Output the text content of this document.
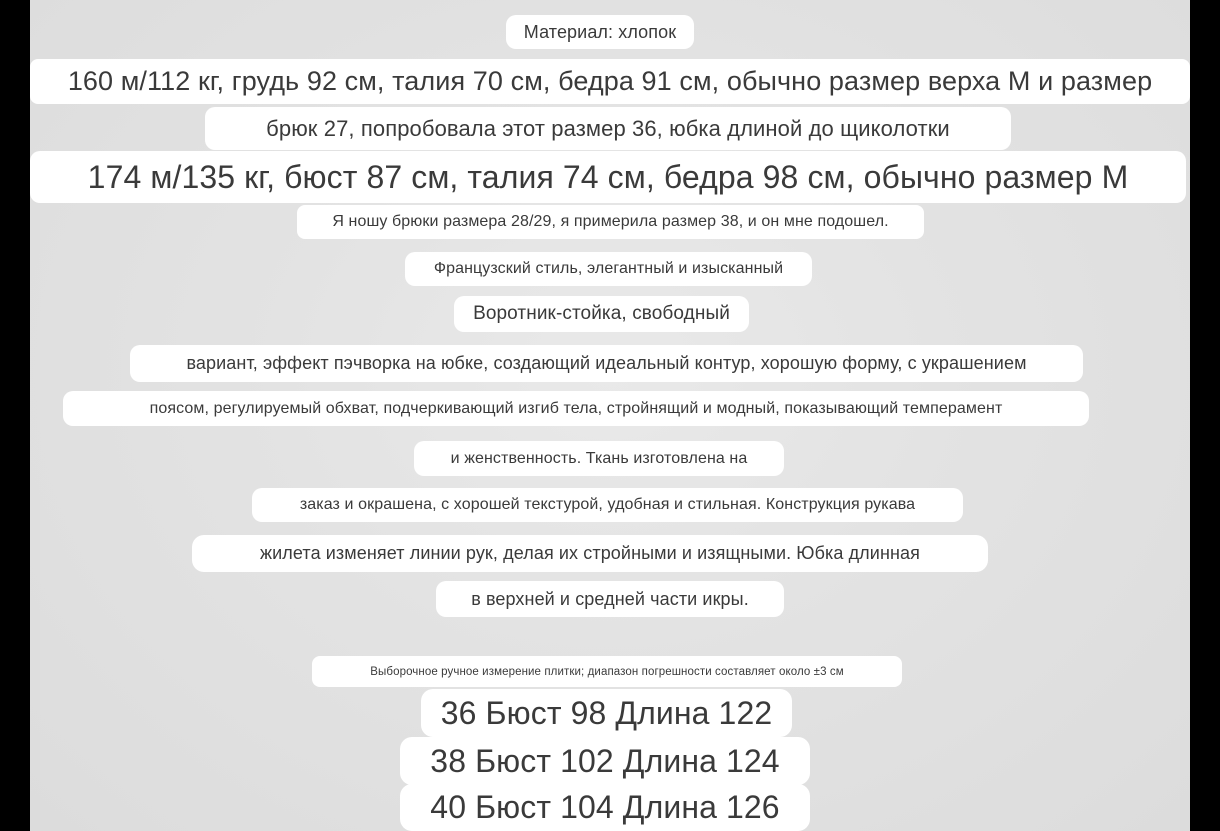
Материал: хлопок
160 м/112 кг, грудь 92 см, талия 70 см, бедра 91 см, обычно размер верха M и размер
брюк 27, попробовала этот размер 36, юбка длиной до щиколотки
174 м/135 кг, бюст 87 см, талия 74 см, бедра 98 см, обычно размер M
Я ношу брюки размера 28/29, я примерила размер 38, и он мне подошел.
Французский стиль, элегантный и изысканный
Воротник-стойка, свободный
вариант, эффект пэчворка на юбке, создающий идеальный контур, хорошую форму, с украшением
поясом, регулируемый обхват, подчеркивающий изгиб тела, стройнящий и модный, показывающий темперамент
и женственность. Ткань изготовлена на
заказ и окрашена, с хорошей текстурой, удобная и стильная. Конструкция рукава
жилета изменяет линии рук, делая их стройными и изящными. Юбка длинная
в верхней и средней части икры.
Выборочное ручное измерение плитки; диапазон погрешности составляет около ±3 см
36 Бюст 98 Длина 122
38 Бюст 102 Длина 124
40 Бюст 104 Длина 126
